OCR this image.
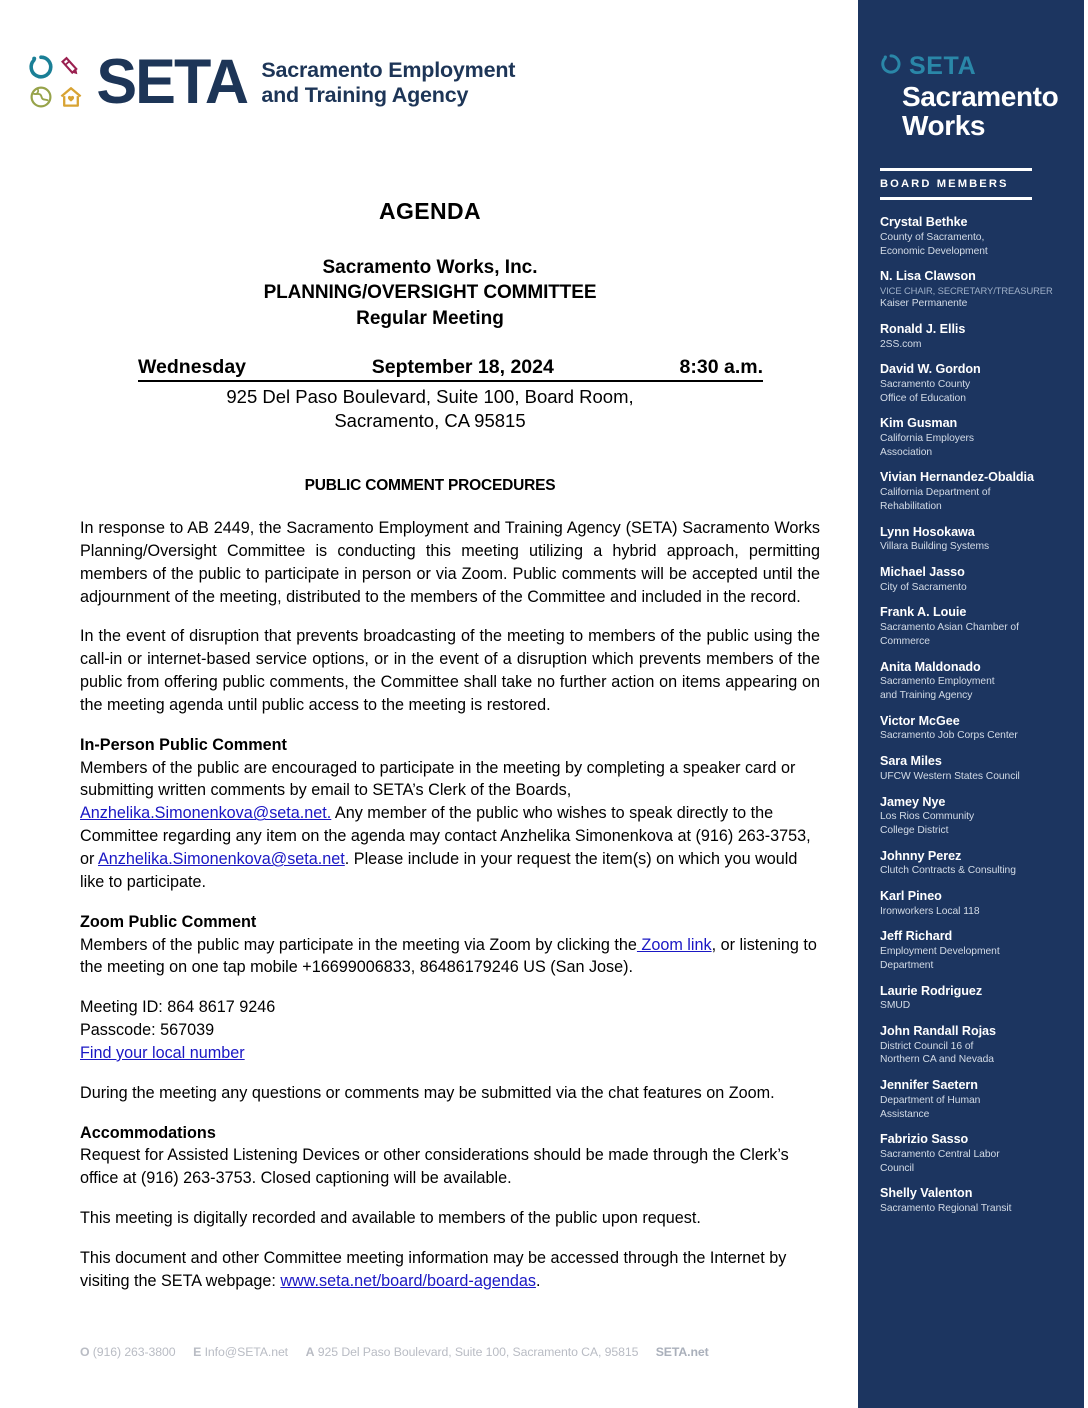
SETA Sacramento Employment
and Training Agency
AGENDA
Sacramento Works, Inc.
PLANNING/OVERSIGHT COMMITTEE
Regular Meeting
Wednesday	September 18, 2024	8:30 a.m.
925 Del Paso Boulevard, Suite 100, Board Room,
Sacramento, CA 95815
PUBLIC COMMENT PROCEDURES

In response to AB 2449, the Sacramento Employment and Training Agency (SETA) Sacramento Works Planning/Oversight Committee is conducting this meeting utilizing a hybrid approach, permitting members of the public to participate in person or via Zoom. Public comments will be accepted until the adjournment of the meeting, distributed to the members of the Committee and included in the record.

In the event of disruption that prevents broadcasting of the meeting to members of the public using the call-in or internet-based service options, or in the event of a disruption which prevents members of the public from offering public comments, the Committee shall take no further action on items appearing on the meeting agenda until public access to the meeting is restored.

In-Person Public Comment

Members of the public are encouraged to participate in the meeting by completing a speaker card or submitting written comments by email to SETA’s Clerk of the Boards, Anzhelika.Simonenkova@seta.net. Any member of the public who wishes to speak directly to the Committee regarding any item on the agenda may contact Anzhelika Simonenkova at (916) 263-3753, or Anzhelika.Simonenkova@seta.net. Please include in your request the item(s) on which you would like to participate.

Zoom Public Comment

Members of the public may participate in the meeting via Zoom by clicking the Zoom link, or listening to the meeting on one tap mobile +16699006833, 86486179246 US (San Jose).

Meeting ID: 864 8617 9246

Passcode: 567039

Find your local number

During the meeting any questions or comments may be submitted via the chat features on Zoom.

Accommodations

Request for Assisted Listening Devices or other considerations should be made through the Clerk’s office at (916) 263-3753. Closed captioning will be available.

This meeting is digitally recorded and available to members of the public upon request.

This document and other Committee meeting information may be accessed through the Internet by visiting the SETA webpage: www.seta.net/board/board-agendas.

O (916) 263-3800 E Info@SETA.net A 925 Del Paso Boulevard, Suite 100, Sacramento CA, 95815 SETA.net
SETA
Sacramento
Works
BOARD MEMBERS
Crystal Bethke
County of Sacramento,
Economic Development
N. Lisa Clawson
VICE CHAIR, SECRETARY/TREASURER
Kaiser Permanente
Ronald J. Ellis
2SS.com
David W. Gordon
Sacramento County
Office of Education
Kim Gusman
California Employers
Association
Vivian Hernandez-Obaldia
California Department of
Rehabilitation
Lynn Hosokawa
Villara Building Systems
Michael Jasso
City of Sacramento
Frank A. Louie
Sacramento Asian Chamber of
Commerce
Anita Maldonado
Sacramento Employment
and Training Agency
Victor McGee
Sacramento Job Corps Center
Sara Miles
UFCW Western States Council
Jamey Nye
Los Rios Community
College District
Johnny Perez
Clutch Contracts & Consulting
Karl Pineo
Ironworkers Local 118
Jeff Richard
Employment Development
Department
Laurie Rodriguez
SMUD
John Randall Rojas
District Council 16 of
Northern CA and Nevada
Jennifer Saetern
Department of Human
Assistance
Fabrizio Sasso
Sacramento Central Labor
Council
Shelly Valenton
Sacramento Regional Transit
